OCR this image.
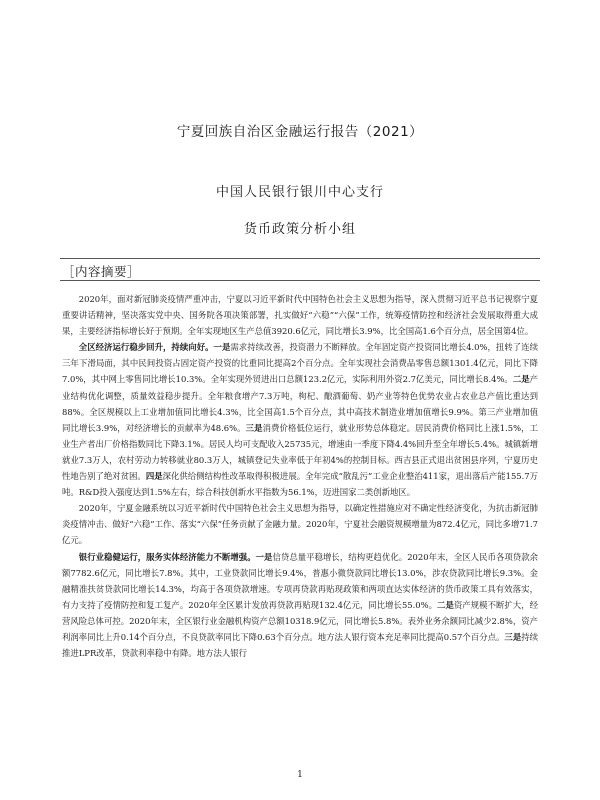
宁夏回族自治区金融运行报告（2021）
中国人民银行银川中心支行
货币政策分析小组
［内容摘要］

2020年，面对新冠肺炎疫情严重冲击，宁夏以习近平新时代中国特色社会主义思想为指导，深入贯彻习近平总书记视察宁夏重要讲话精神，坚决落实党中央、国务院各项决策部署，扎实做好“六稳”“六保”工作，统筹疫情防控和经济社会发展取得重大成果，主要经济指标增长好于预期。全年实现地区生产总值3920.6亿元，同比增长3.9%，比全国高1.6个百分点，居全国第4位。

全区经济运行稳步回升，持续向好。一是需求持续改善，投资潜力不断释放。全年固定资产投资同比增长4.0%，扭转了连续三年下滑局面，其中民间投资占固定资产投资的比重同比提高2个百分点。全年实现社会消费品零售总额1301.4亿元，同比下降7.0%，其中网上零售同比增长10.3%。全年实现外贸进出口总额123.2亿元，实际利用外资2.7亿美元，同比增长8.4%。二是产业结构优化调整，质量效益稳步提升。全年粮食增产7.3万吨，枸杞、酿酒葡萄、奶产业等特色优势农业占农业总产值比重达到88%。全区规模以上工业增加值同比增长4.3%，比全国高1.5个百分点，其中高技术制造业增加值增长9.9%。第三产业增加值同比增长3.9%，对经济增长的贡献率为48.6%。三是消费价格低位运行，就业形势总体稳定。居民消费价格同比上涨1.5%，工业生产者出厂价格指数同比下降3.1%。居民人均可支配收入25735元，增速由一季度下降4.4%回升至全年增长5.4%。城镇新增就业7.3万人，农村劳动力转移就业80.3万人，城镇登记失业率低于年初4%的控制目标。西吉县正式退出贫困县序列，宁夏历史性地告别了绝对贫困。四是深化供给侧结构性改革取得积极进展。全年完成“散乱污”工业企业整治411家，退出落后产能155.7万吨。R&D投入强度达到1.5%左右，综合科技创新水平指数为56.1%，迈进国家二类创新地区。

2020年，宁夏金融系统以习近平新时代中国特色社会主义思想为指导，以确定性措施应对不确定性经济变化，为抗击新冠肺炎疫情冲击、做好“六稳”工作、落实“六保”任务贡献了金融力量。2020年，宁夏社会融资规模增量为872.4亿元，同比多增71.7亿元。

银行业稳健运行，服务实体经济能力不断增强。一是信贷总量平稳增长，结构更趋优化。2020年末，全区人民币各项贷款余额7782.6亿元，同比增长7.8%。其中，工业贷款同比增长9.4%，普惠小微贷款同比增长13.0%，涉农贷款同比增长9.3%。金融精准扶贫贷款同比增长14.3%，均高于各项贷款增速。专项再贷款再贴现政策和两项直达实体经济的货币政策工具有效落实，有力支持了疫情防控和复工复产。2020年全区累计发放再贷款再贴现132.4亿元，同比增长55.0%。二是资产规模不断扩大，经营风险总体可控。2020年末，全区银行业金融机构资产总额10318.9亿元，同比增长5.8%。表外业务余额同比减少2.8%，资产利润率同比上升0.14个百分点，不良贷款率同比下降0.63个百分点。地方法人银行资本充足率同比提高0.57个百分点。三是持续推进LPR改革，贷款利率稳中有降。地方法人银行

1
